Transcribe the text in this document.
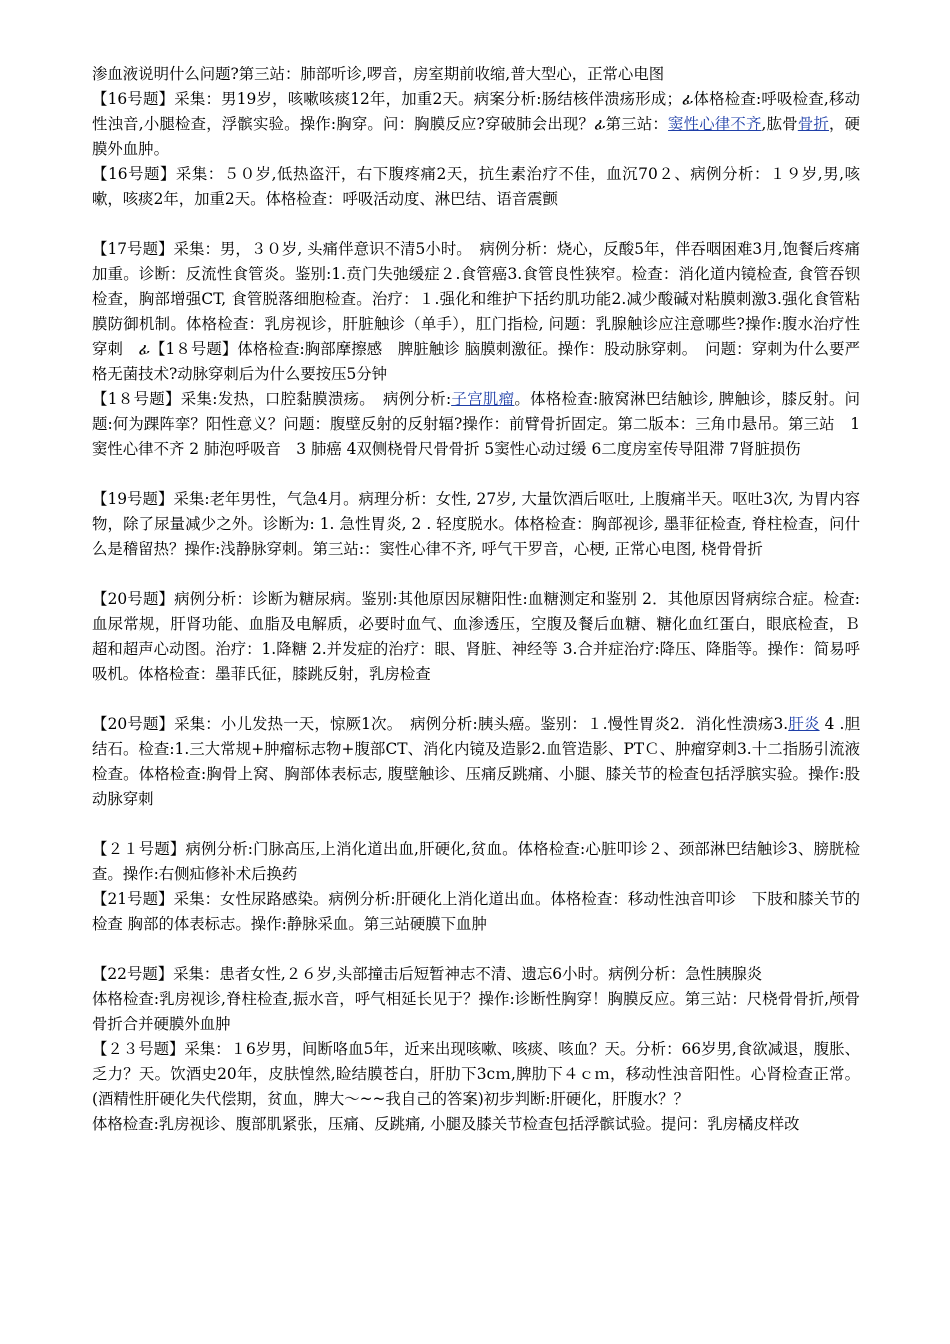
渗血液说明什么问题?第三站：肺部听诊,啰音，房室期前收缩,普大型心，正常心电图

【16号题】采集：男19岁，咳嗽咳痰12年，加重2天。病案分析:肠结核伴溃疡形成；ፊ体格检查:呼吸检查,移动性浊音,小腿检查，浮髌实验。操作:胸穿。问：胸膜反应?穿破肺会出现？ፊ第三站：窦性心律不齐,肱骨骨折，硬膜外血肿。

【16号题】采集：５０岁,低热盗汗，右下腹疼痛2天，抗生素治疗不佳，血沉70２、病例分析：１９岁,男,咳嗽，咳痰2年，加重2天。体格检查：呼吸活动度、淋巴结、语音震颤

【17号题】采集：男，３０岁, 头痛伴意识不清5小时。　病例分析：烧心，反酸5年，伴吞咽困难3月,饱餐后疼痛加重。诊断：反流性食管炎。鉴别:1.贲门失弛缓症２.食管癌3.食管良性狭窄。检查：消化道内镜检查, 食管吞钡检查，胸部增强CT, 食管脱落细胞检查。治疗：１.强化和维护下括约肌功能2.减少酸碱对粘膜刺激3.强化食管粘膜防御机制。体格检查：乳房视诊，肝脏触诊（单手），肛门指检, 问题：乳腺触诊应注意哪些?操作:腹水治疗性穿刺　ፊ【1８号题】体格检查:胸部摩擦感　脾脏触诊 脑膜刺激征。操作：股动脉穿刺。　问题：穿刺为什么要严格无菌技术?动脉穿刺后为什么要按压5分钟

【1８号题】采集:发热，口腔黏膜溃疡。　病例分析:子宫肌瘤。体格检查:腋窝淋巴结触诊, 脾触诊，膝反射。问题:何为踝阵挛？阳性意义？问题：腹壁反射的反射辐?操作：前臂骨折固定。第二版本：三角巾悬吊。第三站　1 窦性心律不齐 2 肺泡呼吸音　3 肺癌 4双侧桡骨尺骨骨折 5窦性心动过缓 6二度房室传导阻滞 7肾脏损伤

【19号题】采集:老年男性，气急4月。病理分析：女性, 27岁, 大量饮酒后呕吐, 上腹痛半天。呕吐3次, 为胃内容物，除了尿量减少之外。诊断为: 1. 急性胃炎, 2 . 轻度脱水。体格检查：胸部视诊, 墨菲征检查, 脊柱检查，问什么是稽留热？操作:浅静脉穿刺。第三站:：窦性心律不齐, 呼气干罗音，心梗, 正常心电图, 桡骨骨折

【20号题】病例分析：诊断为糖尿病。鉴别:其他原因尿糖阳性:血糖测定和鉴别 2．其他原因肾病综合症。检查:血尿常规，肝肾功能、血脂及电解质，必要时血气、血渗透压，空腹及餐后血糖、糖化血红蛋白，眼底检查，Ｂ超和超声心动图。治疗：1.降糖 2.并发症的治疗：眼、肾脏、神经等 3.合并症治疗:降压、降脂等。操作：简易呼吸机。体格检查：墨菲氏征，膝跳反射，乳房检查

【20号题】采集：小儿发热一天，惊厥1次。　病例分析:胰头癌。鉴别：１.慢性胃炎2．消化性溃疡3.肝炎 4 .胆结石。检查:1.三大常规+肿瘤标志物+腹部CT、消化内镜及造影2.血管造影、PTＣ、肿瘤穿刺3.十二指肠引流液检查。体格检查:胸骨上窝、胸部体表标志, 腹壁触诊、压痛反跳痛、小腿、膝关节的检查包括浮膑实验。操作:股动脉穿刺

【２１号题】病例分析:门脉高压,上消化道出血,肝硬化,贫血。体格检查:心脏叩诊２、颈部淋巴结触诊3、膀胱检查。操作:右侧疝修补术后换药

【21号题】采集：女性尿路感染。病例分析:肝硬化上消化道出血。体格检查：移动性浊音叩诊　下肢和膝关节的检查 胸部的体表标志。操作:静脉采血。第三站硬膜下血肿

【22号题】采集：患者女性,２６岁,头部撞击后短暂神志不清、遗忘6小时。病例分析：急性胰腺炎

体格检查:乳房视诊,脊柱检查,振水音，呼气相延长见于？操作:诊断性胸穿！胸膜反应。第三站：尺桡骨骨折,颅骨骨折合并硬膜外血肿

【２３号题】采集：１6岁男，间断咯血5年，近来出现咳嗽、咳痰、咳血？天。分析：66岁男,食欲减退，腹胀、乏力？天。饮酒史20年，皮肤惶然,睑结膜苍白，肝肋下3cｍ,脾肋下４ｃｍ，移动性浊音阳性。心肾检查正常。(酒精性肝硬化失代偿期，贫血，脾大～~~我自己的答案)初步判断:肝硬化，肝腹水？？

体格检查:乳房视诊、腹部肌紧张，压痛、反跳痛, 小腿及膝关节检查包括浮髌试验。提问：乳房橘皮样改
